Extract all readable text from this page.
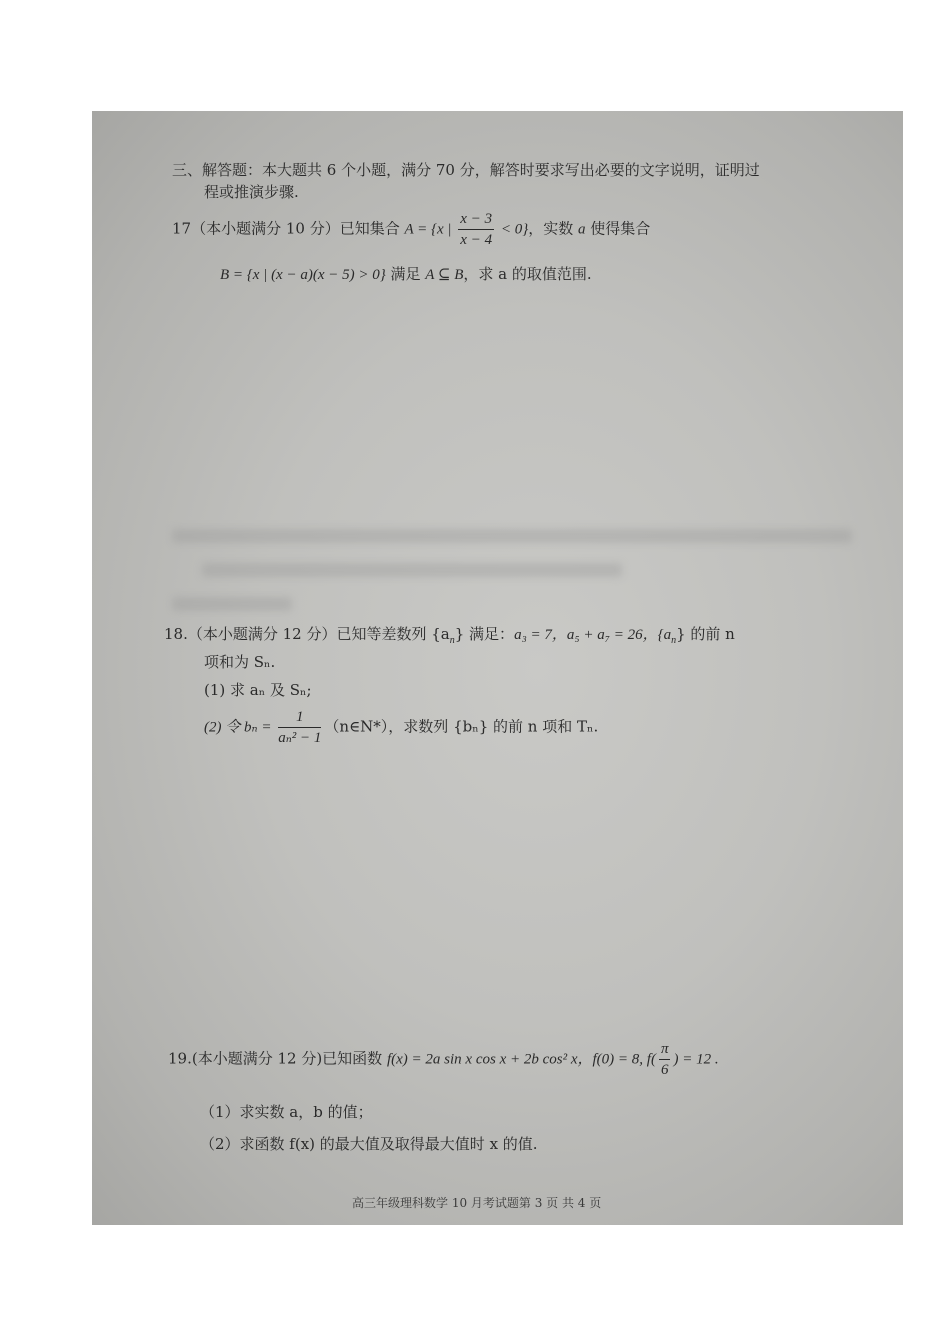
三、解答题：本大题共 6 个小题，满分 70 分，解答时要求写出必要的文字说明，证明过
程或推演步骤.
17（本小题满分 10 分）已知集合 A = {x | $\frac{x - 3}{x - 4} < 0$}，实数 a 使得集合
B = {x | (x − a)(x − 5) > 0} 满足 A ⊆ B，求 a 的取值范围.
18.（本小题满分 12 分）已知等差数列 $\{a_n\}$ 满足：a₃ = 7，a₅ + a₇ = 26，$\{a_n\}$ 的前 n
项和为 Sₙ.
(1) 求 aₙ 及 Sₙ;
(2) 令 $b_n = \frac{1}{\text{aₙ² − 1}}$ （n∈N*），求数列 {bₙ} 的前 n 项和 Tₙ.
19.(本小题满分 12 分)已知函数 f(x) = 2a sin x cos x + 2b cos² x，f(0) = 8, $f( \frac{\pi}{6}$ ) = 12 .
（1）求实数 a，b 的值；
（2）求函数 f(x) 的最大值及取得最大值时 x 的值.
高三年级理科数学 10 月考试题第 3 页 共 4 页
